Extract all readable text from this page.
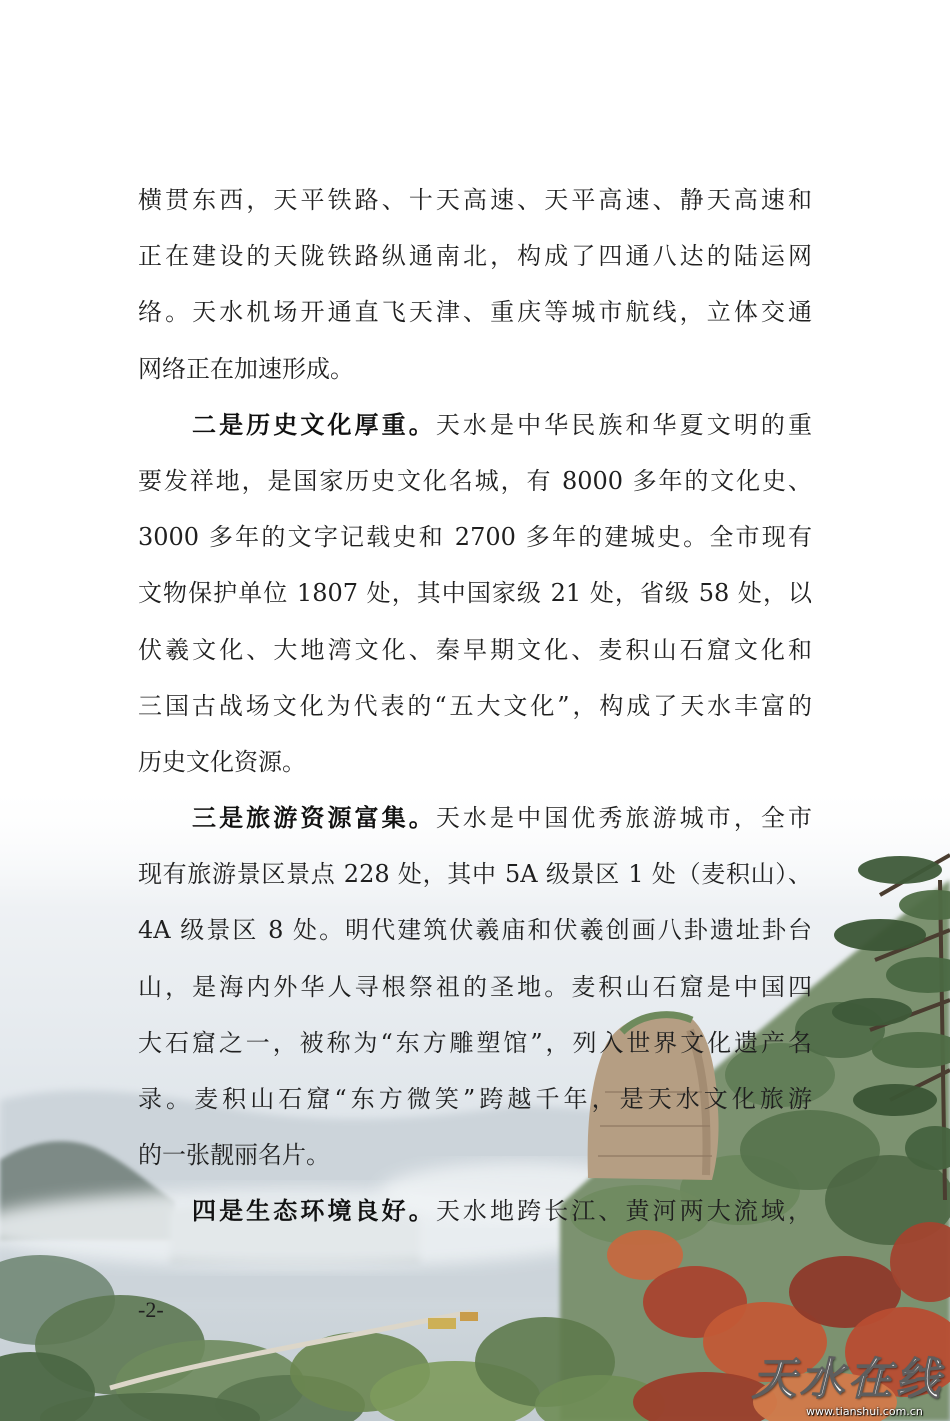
横贯东西，天平铁路、十天高速、天平高速、静天高速和
正在建设的天陇铁路纵通南北，构成了四通八达的陆运网
络。天水机场开通直飞天津、重庆等城市航线，立体交通
网络正在加速形成。
二是历史文化厚重。天水是中华民族和华夏文明的重
要发祥地，是国家历史文化名城，有 8000 多年的文化史、
3000 多年的文字记载史和 2700 多年的建城史。全市现有
文物保护单位 1807 处，其中国家级 21 处，省级 58 处，以
伏羲文化、大地湾文化、秦早期文化、麦积山石窟文化和
三国古战场文化为代表的“五大文化”，构成了天水丰富的
历史文化资源。
三是旅游资源富集。天水是中国优秀旅游城市，全市
现有旅游景区景点 228 处，其中 5A 级景区 1 处（麦积山）、
4A 级景区 8 处。明代建筑伏羲庙和伏羲创画八卦遗址卦台
山，是海内外华人寻根祭祖的圣地。麦积山石窟是中国四
大石窟之一，被称为“东方雕塑馆”，列入世界文化遗产名
录。麦积山石窟“东方微笑”跨越千年，是天水文化旅游
的一张靓丽名片。
四是生态环境良好。天水地跨长江、黄河两大流域，
-2-
天水在线
www.tianshui.com.cn
